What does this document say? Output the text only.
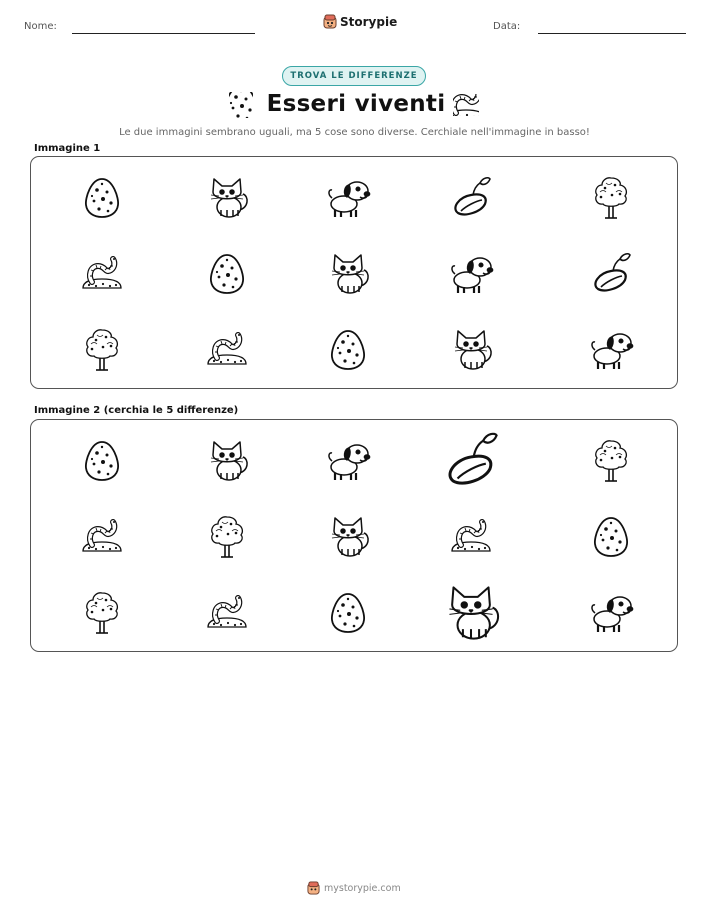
Nome:	Storypie	Data:
TROVA LE DIFFERENZE
Esseri viventi
Le due immagini sembrano uguali, ma 5 cose sono diverse. Cerchiale nell'immagine in basso!
Immagine 1
Immagine 2 (cerchia le 5 differenze)
mystorypie.com
